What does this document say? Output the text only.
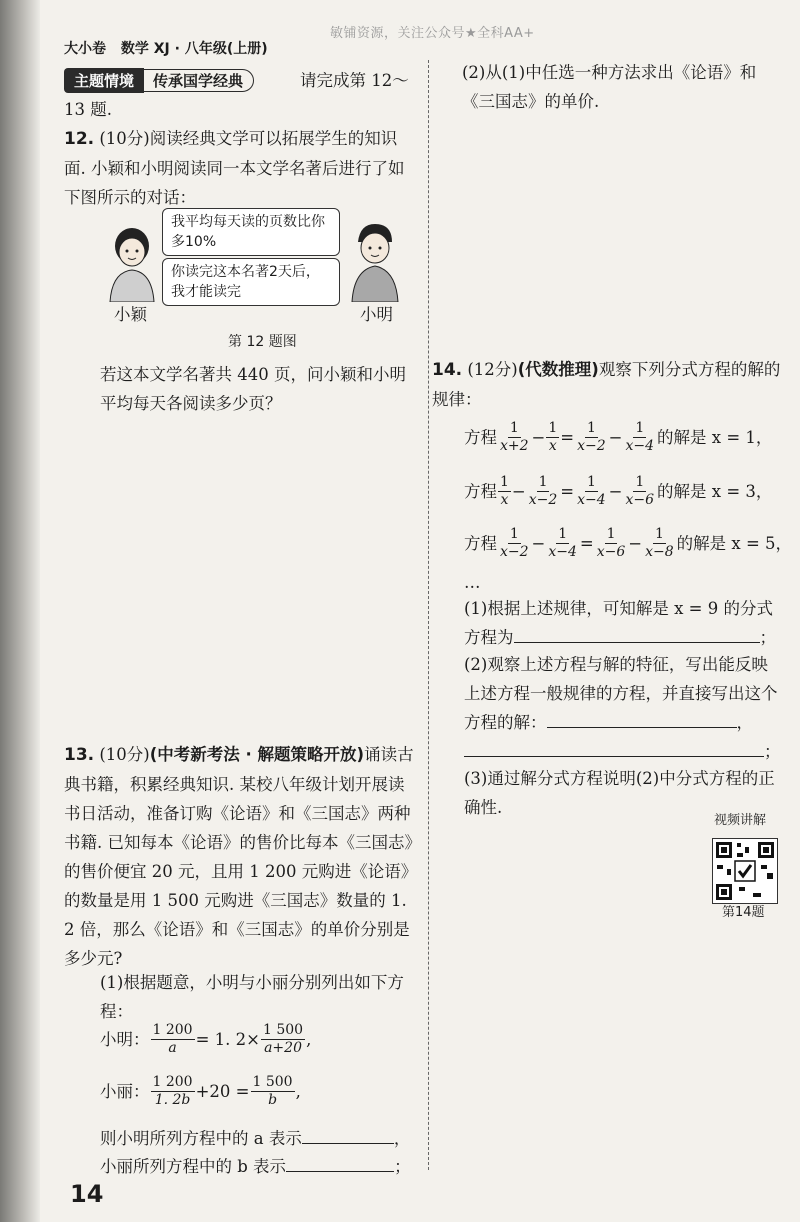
敏铺资源，关注公众号★全科AA+
大小卷 数学 XJ · 八年级(上册)
主题情境	传承国学经典	请完成第 12～13 题.
12. (10分)阅读经典文学可以拓展学生的知识面. 小颖和小明阅读同一本文学名著后进行了如下图所示的对话：
我平均每天读的页数比你多10%
你读完这本名著2天后，我才能读完
小颖	小明
第 12 题图
若这本文学名著共 440 页，问小颖和小明平均每天各阅读多少页？
13. (10分)(中考新考法 · 解题策略开放)诵读古典书籍，积累经典知识. 某校八年级计划开展读书日活动，准备订购《论语》和《三国志》两种书籍. 已知每本《论语》的售价比每本《三国志》的售价便宜 20 元，且用 1 200 元购进《论语》的数量是用 1 500 元购进《三国志》数量的 1. 2 倍，那么《论语》和《三国志》的单价分别是多少元?
(1)根据题意，小明与小丽分别列出如下方程：
小明： $\frac{1 200}{a} = 1$. $2\times \frac{1 500}{a+20}$ ,
小丽： $\frac{1 200}{1. 2b} +20 = \frac{1 500}{b}$ ,
则小明所列方程中的 a 表示	，
小丽所列方程中的 b 表示	；
(2)从(1)中任选一种方法求出《论语》和《三国志》的单价.
14. (12分)(代数推理)观察下列分式方程的解的规律：
方程 $\frac{1}{x+2} - \frac{1}{x} = \frac{1}{x-2} - \frac{1}{x-4}$ 的解是 x = 1，
方程 $\frac{1}{x} - \frac{1}{x-2} = \frac{1}{x-4} - \frac{1}{x-6}$ 的解是 x = 3，
方程 $\frac{1}{x-2} - \frac{1}{x-4} = \frac{1}{x-6} - \frac{1}{x-8}$ 的解是 x = 5，
…
(1)根据上述规律，可知解是 x = 9 的分式方程为	；
(2)观察上述方程与解的特征，写出能反映上述方程一般规律的方程，并直接写出这个方程的解：	，
；
(3)通过解分式方程说明(2)中分式方程的正确性.
视频讲解
第14题
14
